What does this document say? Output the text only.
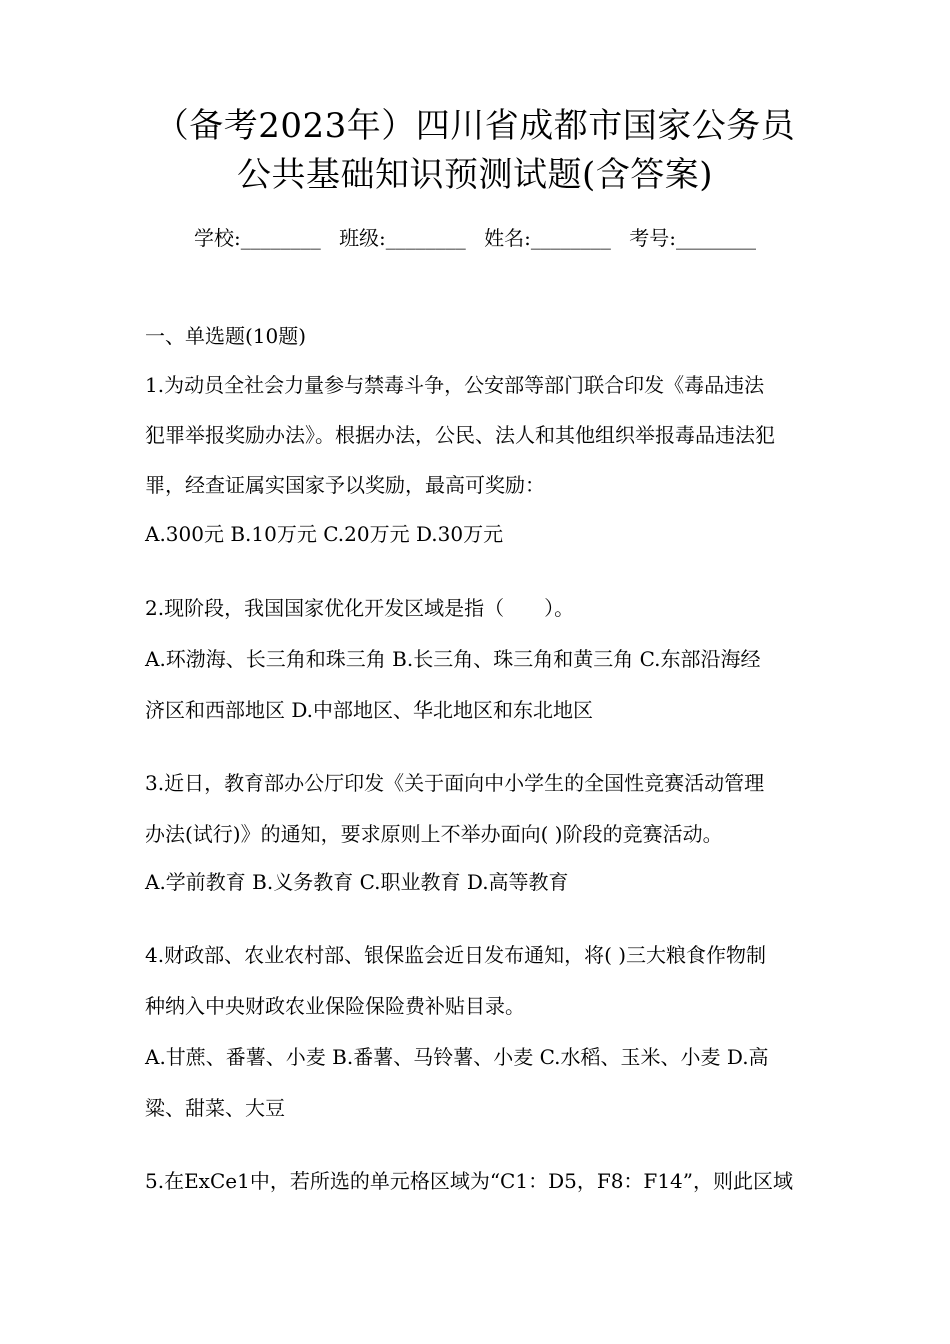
（备考2023年）四川省成都市国家公务员
公共基础知识预测试题(含答案)
学校:________ 班级:________ 姓名:________ 考号:________
一、单选题(10题)
1.为动员全社会力量参与禁毒斗争，公安部等部门联合印发《毒品违法
犯罪举报奖励办法》。根据办法，公民、法人和其他组织举报毒品违法犯
罪，经查证属实国家予以奖励，最高可奖励：
A.300元 B.10万元 C.20万元 D.30万元
2.现阶段，我国国家优化开发区域是指（　　）。
A.环渤海、长三角和珠三角 B.长三角、珠三角和黄三角 C.东部沿海经
济区和西部地区 D.中部地区、华北地区和东北地区
3.近日，教育部办公厅印发《关于面向中小学生的全国性竞赛活动管理
办法(试行)》的通知，要求原则上不举办面向( )阶段的竞赛活动。
A.学前教育 B.义务教育 C.职业教育 D.高等教育
4.财政部、农业农村部、银保监会近日发布通知，将( )三大粮食作物制
种纳入中央财政农业保险保险费补贴目录。
A.甘蔗、番薯、小麦 B.番薯、马铃薯、小麦 C.水稻、玉米、小麦 D.高
粱、甜菜、大豆
5.在ExCe1中，若所选的单元格区域为“C1：D5，F8：F14”，则此区域
